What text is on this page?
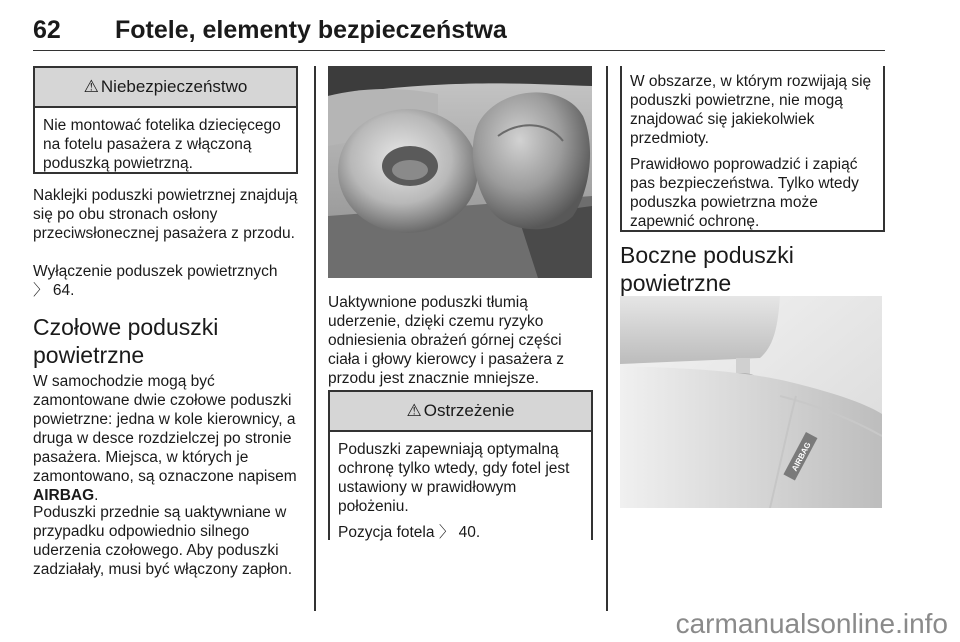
62 Fotele, elementy bezpieczeństwa
⚠ Niebezpieczeństwo

Nie montować fotelika dziecięcego na fotelu pasażera z włączoną poduszką powietrzną.

Naklejki poduszki powietrznej znajdują się po obu stronach osłony przeciwsłonecznej pasażera z przodu.

Wyłączenie poduszek powietrznych
〉 64.

Czołowe poduszki powietrzne

W samochodzie mogą być zamontowane dwie czołowe poduszki powietrzne: jedna w kole kierownicy, a druga w desce rozdzielczej po stronie pasażera. Miejsca, w których je zamontowano, są oznaczone napisem AIRBAG.

Poduszki przednie są uaktywniane w przypadku odpowiednio silnego uderzenia czołowego. Aby poduszki zadziałały, musi być włączony zapłon.

Uaktywnione poduszki tłumią uderzenie, dzięki czemu ryzyko odniesienia obrażeń górnej części ciała i głowy kierowcy i pasażera z przodu jest znacznie mniejsze.

⚠ Ostrzeżenie

Poduszki zapewniają optymalną ochronę tylko wtedy, gdy fotel jest ustawiony w prawidłowym położeniu.

Pozycja fotela 〉 40.

W obszarze, w którym rozwijają się poduszki powietrzne, nie mogą znajdować się jakiekolwiek przedmioty.

Prawidłowo poprowadzić i zapiąć pas bezpieczeństwa. Tylko wtedy poduszka powietrzna może zapewnić ochronę.

Boczne poduszki powietrzne
AIRBAG
carmanualsonline.info
